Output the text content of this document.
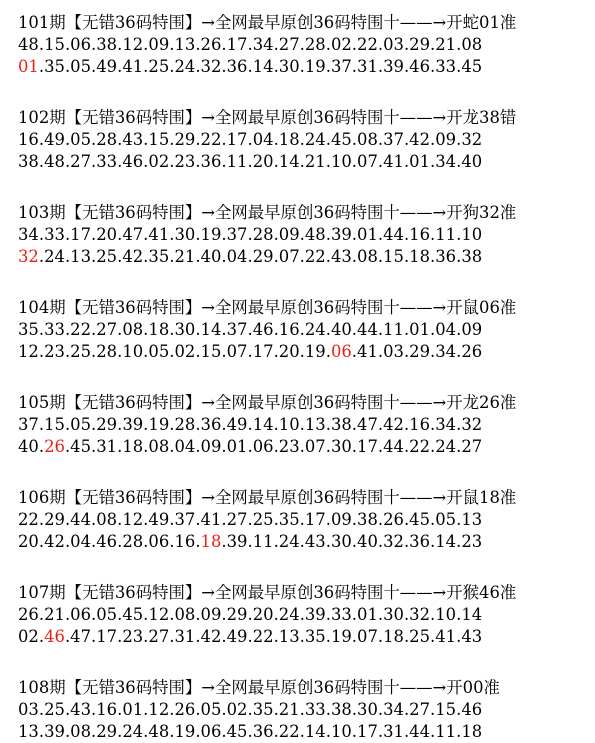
101期【无错36码特围】→全网最早原创36码特围十——→开蛇01准
48.15.06.38.12.09.13.26.17.34.27.28.02.22.03.29.21.08
01.35.05.49.41.25.24.32.36.14.30.19.37.31.39.46.33.45
102期【无错36码特围】→全网最早原创36码特围十——→开龙38错
16.49.05.28.43.15.29.22.17.04.18.24.45.08.37.42.09.32
38.48.27.33.46.02.23.36.11.20.14.21.10.07.41.01.34.40
103期【无错36码特围】→全网最早原创36码特围十——→开狗32准
34.33.17.20.47.41.30.19.37.28.09.48.39.01.44.16.11.10
32.24.13.25.42.35.21.40.04.29.07.22.43.08.15.18.36.38
104期【无错36码特围】→全网最早原创36码特围十——→开鼠06准
35.33.22.27.08.18.30.14.37.46.16.24.40.44.11.01.04.09
12.23.25.28.10.05.02.15.07.17.20.19.06.41.03.29.34.26
105期【无错36码特围】→全网最早原创36码特围十——→开龙26准
37.15.05.29.39.19.28.36.49.14.10.13.38.47.42.16.34.32
40.26.45.31.18.08.04.09.01.06.23.07.30.17.44.22.24.27
106期【无错36码特围】→全网最早原创36码特围十——→开鼠18准
22.29.44.08.12.49.37.41.27.25.35.17.09.38.26.45.05.13
20.42.04.46.28.06.16.18.39.11.24.43.30.40.32.36.14.23
107期【无错36码特围】→全网最早原创36码特围十——→开猴46准
26.21.06.05.45.12.08.09.29.20.24.39.33.01.30.32.10.14
02.46.47.17.23.27.31.42.49.22.13.35.19.07.18.25.41.43
108期【无错36码特围】→全网最早原创36码特围十——→开00准
03.25.43.16.01.12.26.05.02.35.21.33.38.30.34.27.15.46
13.39.08.29.24.48.19.06.45.36.22.14.10.17.31.44.11.18
